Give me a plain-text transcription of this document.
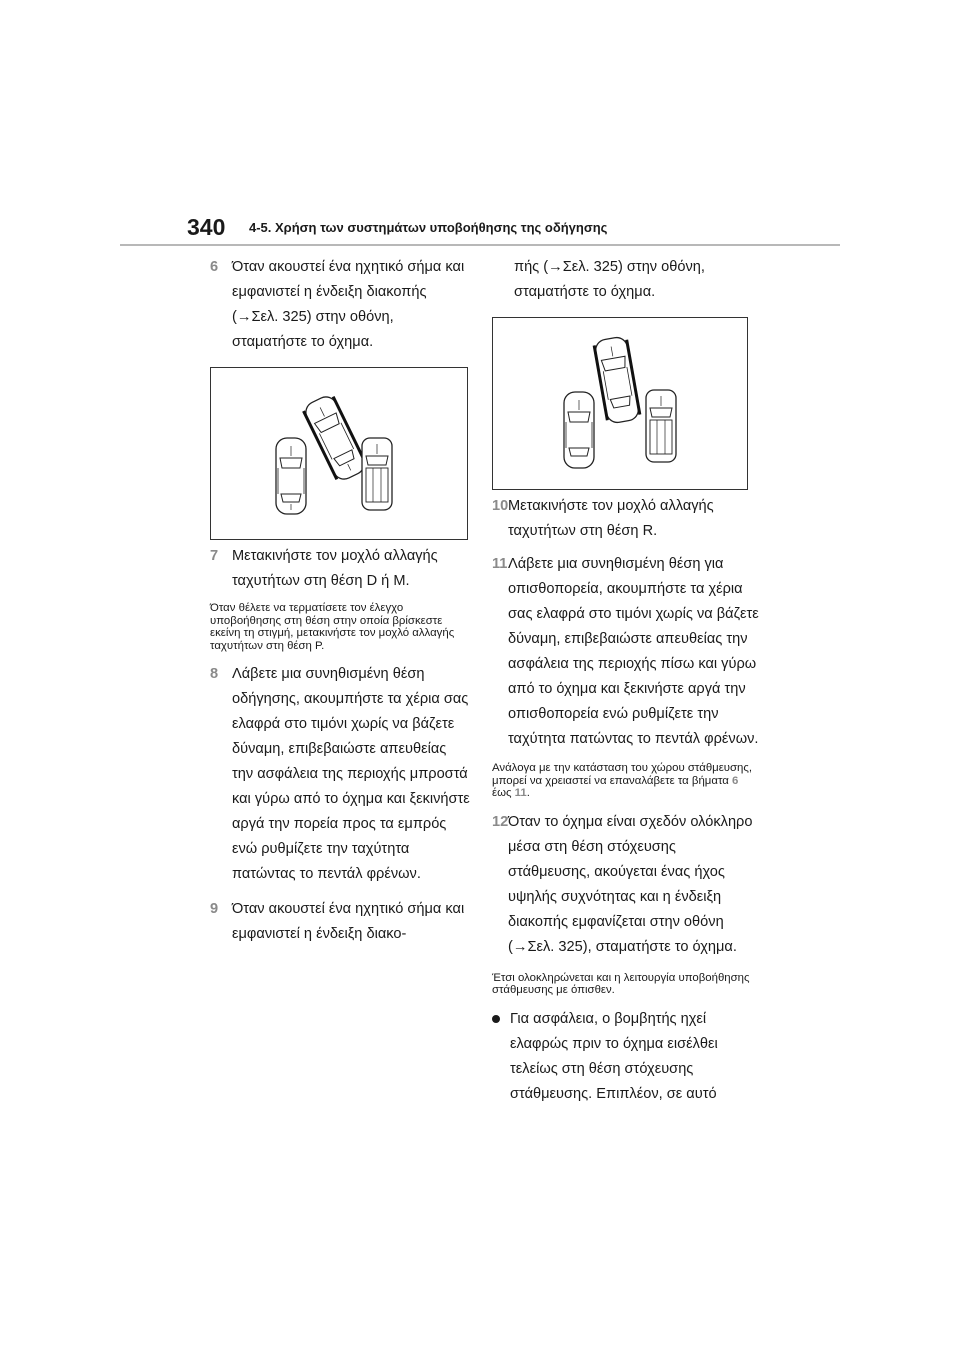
340 4-5. Χρήση των συστημάτων υποβοήθησης της οδήγησης

6 Όταν ακουστεί ένα ηχητικό σήμα και εμφανιστεί η ένδειξη διακοπής (→Σελ. 325) στην οθόνη, σταματήστε το όχημα.

7 Μετακινήστε τον μοχλό αλλαγής ταχυτήτων στη θέση D ή M.

Όταν θέλετε να τερματίσετε τον έλεγχο υποβοήθησης στη θέση στην οποία βρίσκεστε εκείνη τη στιγμή, μετακινήστε τον μοχλό αλλαγής ταχυτήτων στη θέση P.

8 Λάβετε μια συνηθισμένη θέση οδήγησης, ακουμπήστε τα χέρια σας ελαφρά στο τιμόνι χωρίς να βάζετε δύναμη, επιβεβαιώστε απευθείας την ασφάλεια της περιοχής μπροστά και γύρω από το όχημα και ξεκινήστε αργά την πορεία προς τα εμπρός ενώ ρυθμίζετε την ταχύτητα πατώντας το πεντάλ φρένων.

9 Όταν ακουστεί ένα ηχητικό σήμα και εμφανιστεί η ένδειξη διακο-

πής (→Σελ. 325) στην οθόνη, σταματήστε το όχημα.

10 Μετακινήστε τον μοχλό αλλαγής ταχυτήτων στη θέση R.

11 Λάβετε μια συνηθισμένη θέση για οπισθοπορεία, ακουμπήστε τα χέρια σας ελαφρά στο τιμόνι χωρίς να βάζετε δύναμη, επιβεβαιώστε απευθείας την ασφάλεια της περιοχής πίσω και γύρω από το όχημα και ξεκινήστε αργά την οπισθοπορεία ενώ ρυθμίζετε την ταχύτητα πατώντας το πεντάλ φρένων.

Ανάλογα με την κατάσταση του χώρου στάθμευσης, μπορεί να χρειαστεί να επαναλάβετε τα βήματα 6 έως 11.

12 Όταν το όχημα είναι σχεδόν ολόκληρο μέσα στη θέση στόχευσης στάθμευσης, ακούγεται ένας ήχος υψηλής συχνότητας και η ένδειξη διακοπής εμφανίζεται στην οθόνη (→Σελ. 325), σταματήστε το όχημα.

Έτσι ολοκληρώνεται και η λειτουργία υποβοήθησης στάθμευσης με όπισθεν.

Για ασφάλεια, ο βομβητής ηχεί ελαφρώς πριν το όχημα εισέλθει τελείως στη θέση στόχευσης στάθμευσης. Επιπλέον, σε αυτό
